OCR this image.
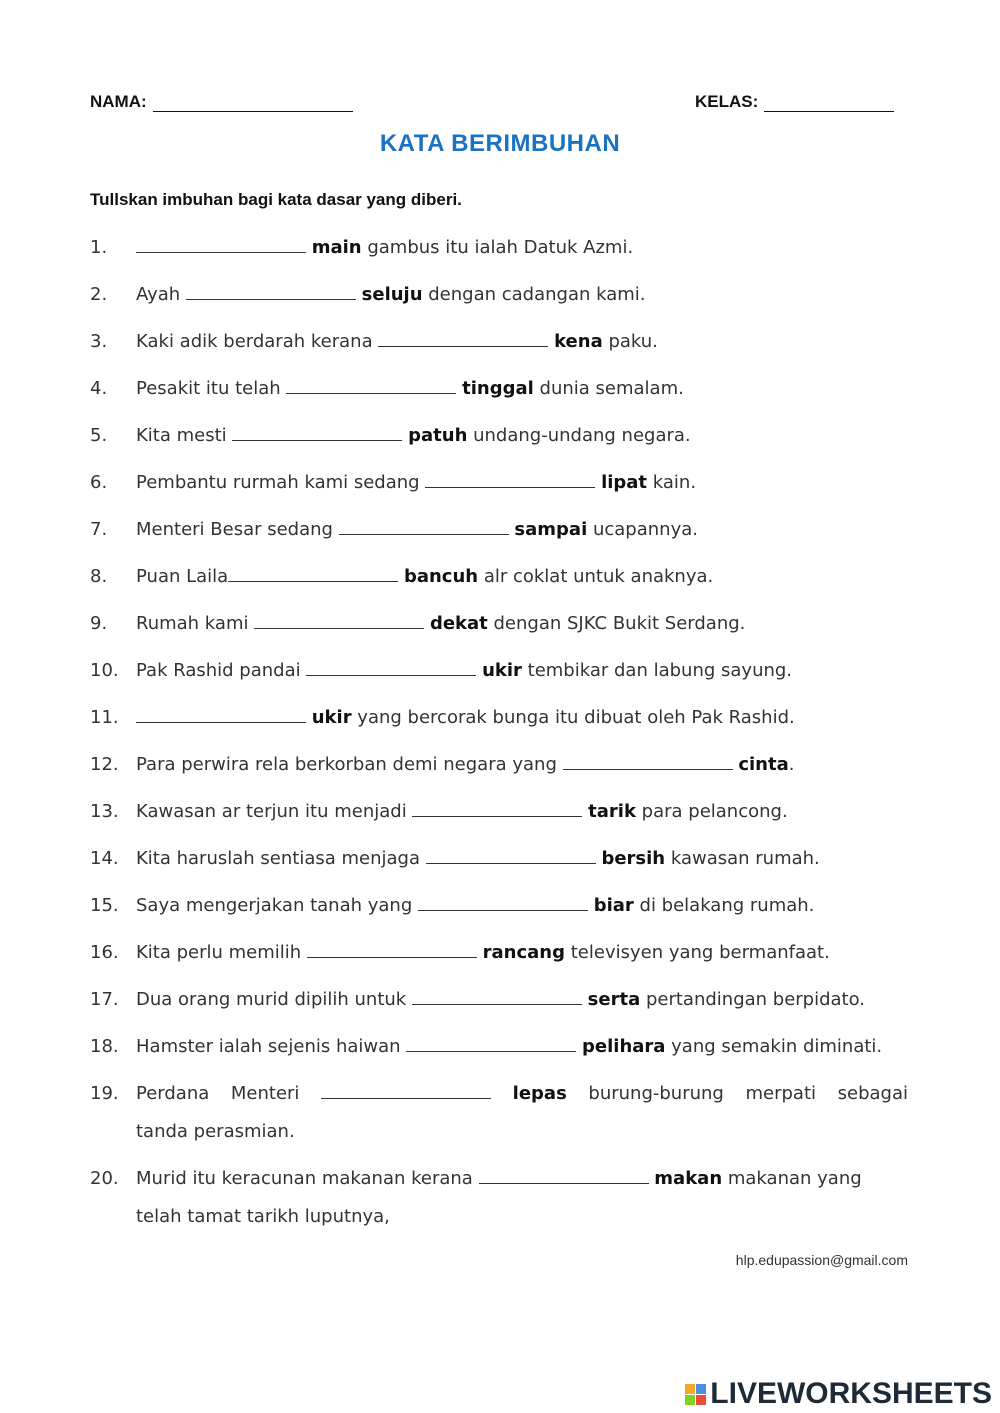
NAMA:	KELAS:
KATA BERIMBUHAN
Tullskan imbuhan bagi kata dasar yang diberi.
1.	main gambus itu ialah Datuk Azmi.
2.	Ayah	seluju dengan cadangan kami.
3.	Kaki adik berdarah kerana	kena paku.
4.	Pesakit itu telah	tinggal dunia semalam.
5.	Kita mesti	patuh undang-undang negara.
6.	Pembantu rurmah kami sedang	lipat kain.
7.	Menteri Besar sedang	sampai ucapannya.
8.	Puan Laila	bancuh alr coklat untuk anaknya.
9.	Rumah kami	dekat dengan SJKC Bukit Serdang.
10. Pak Rashid pandai	ukir tembikar dan labung sayung.
11.	ukir yang bercorak bunga itu dibuat oleh Pak Rashid.
12. Para perwira rela berkorban demi negara yang	cinta.
13. Kawasan ar terjun itu menjadi	tarik para pelancong.
14. Kita haruslah sentiasa menjaga	bersih kawasan rumah.
15. Saya mengerjakan tanah yang	biar di belakang rumah.
16. Kita perlu memilih	rancang televisyen yang bermanfaat.
17. Dua orang murid dipilih untuk	serta pertandingan berpidato.
18. Hamster ialah sejenis haiwan	pelihara yang semakin diminati.
19. Perdana Menteri	lepas burung-burung merpati sebagai
tanda perasmian.
20. Murid itu keracunan makanan kerana	makan makanan yang
telah tamat tarikh luputnya,
hlp.edupassion@gmail.com
LIVEWORKSHEETS
